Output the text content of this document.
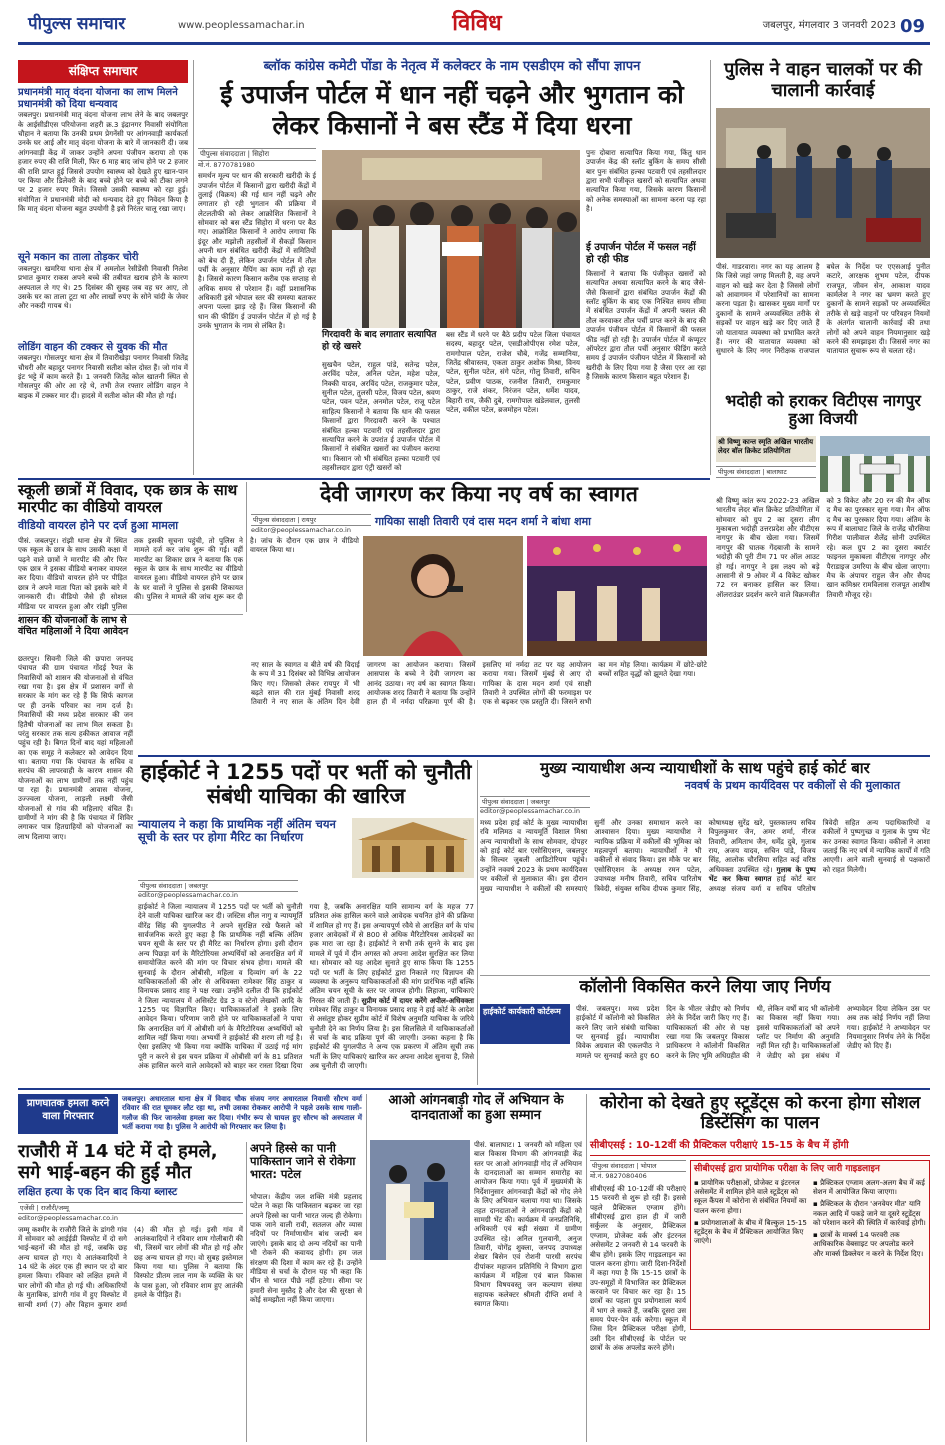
पीपुल्स समाचार	www.peoplessamachar.in	विविध	जबलपुर, मंगलवार 3 जनवरी 2023 09
संक्षिप्त समाचार
प्रधानमंत्री मातृ वंदना योजना का लाभ मिलने प्रधानमंत्री को दिया धन्यवाद
जबलपुर। प्रधानमंत्री मातृ वंदना योजना लाभ लेने के बाद जबलपुर के आईसीडीएस परियोजना शहरी क्र.3 इंद्रानगर निवासी संयोगिता चौहान ने बताया कि उनकी प्रथम प्रेगनेंसी पर आंगनवाड़ी कार्यकर्ता उनके घर आई और मातृ वंदना योजना के बारे में जानकारी दी। जब आंगनवाड़ी केंद्र में जाकर उन्होंने अपना पंजीयन कराया तो एक हजार रुपए की राशि मिली, फिर 6 माह बाद जांच होने पर 2 हजार की राशि प्राप्त हुई जिससे उपयोग स्वास्थ्य को देखते हुए खान-पान पर किया और डिलेवरी के बाद बच्चे होने पर बच्चे को टीका लगने पर 2 हजार रुपए मिले। जिससे उसकी स्वास्थ्य को रहा हुई। संयोगिता ने प्रधानमंत्री मोदी को धन्यवाद देते हुए निवेदन किया है कि मातृ वंदना योजना बहुत उपयोगी है इसे निरंतर चालू रखा जाए।
सूने मकान का ताला तोड़कर चोरी
जबलपुर। खमरिया थाना क्षेत्र में अमलोल रेसीडेंसी निवासी निलेश प्रभात कुमार राकस अपने बच्चे की तबीयत खराब होने के कारण अस्पताल ले गए थे। 25 दिसंबर की सुबह जब वह घर आए, तो उसके घर का ताला टूटा था और लाखों रुपए के सोने चांदी के जेवर और नकदी गायब थे।
लोडिंग वाहन की टक्कर से युवक की मौत
जबलपुर। गोसलपुर थाना क्षेत्र में तिवारीखेड़ा पनागर निवासी जितेंद्र चौधरी और बहादुर पनागर निवासी सतीश कोल दोस्त हैं। जो गांव में इंट भट्टे में काम करते हैं। 1 जनवरी जितेंद्र कोल खातनी स्थित से गोसलपुर की ओर आ रहे थे, तभी तेज रफ्तार लोडिंग वाहन ने बाइक में टक्कर मार दी। हादसे में सतीश कोल की मौत हो गई।
ब्लॉक कांग्रेस कमेटी पोंडा के नेतृत्व में कलेक्टर के नाम एसडीएम को सौंपा ज्ञापन
ई उपार्जन पोर्टल में धान नहीं चढ़ने और भुगतान को लेकर किसानों ने बस स्टैंड में दिया धरना
पीपुल्स संवाददाता | सिहोरा
मो.नं. 8770781980
समर्थन मूल्य पर धान की सरकारी खरीदी के ई उपार्जन पोर्टल में किसानों द्वारा खरीदी केंद्रों में तुलाई (विक्रय) की गई धान नहीं चढ़ने और लगातार हो रही भुगतान की प्रक्रिया में लेटलतीफी को लेकर आक्रोशित किसानों ने सोमवार को बस स्टैंड सिहोरा में धरना पर बैठ गए। आक्रोशित किसानों ने आरोप लगाया कि इंदूर और मझोली तहसीलों में सैकड़ों किसान अपनी धान संबंधित खरीदी केंद्रों में समितियों को बेच दी हैं, लेकिन उपार्जन पोर्टल में तौल पर्ची के अनुसार मैपिंग का काम नहीं हो रहा है। जिससे कारण किसान करीब एक सप्ताह से अधिक समय से परेशान हैं। वहीं प्रशासनिक अधिकारी इसे भोपाल स्तर की समस्या बताकर अपना पल्ला झाड़ रहे हैं। जिस किसानों की धान की फीडिंग ई उपार्जन पोर्टल में हो गई है उनके भुगतान के नाम से लंबित है।
गिरदावरी के बाद लगातार सत्यापित हो रहे खसरे
बस स्टैंड में धरने पर बैठे प्रदीप पटेल जिला पंचायत सदस्य, बहादुर पटेल, एसडीओपीएस रमेश पटेल, रामगोपाल पटेल, राजेश चौबे, गजेंद्र सम्मानिया, जितेंद्र श्रीवास्तव, एकता ठाकुर अशोक मिश्रा, विनय पटेल, सुनील पटेल, संगे पटेल, गोलु तिवारी, सचिन पटेल, प्रवीण पाठक, रजनीश तिवारी, रामकुमार ठाकुर, राजे शंकर, निरंजन पटेल, धर्मेश यादव, बिहारी राय, जैकी दुबे, रामगोपाल खंडेलवाल, तुलसी पटेल, वकील पटेल, ब्रजमोहन पटेल।
पुनः दोबारा सत्यापित किया गया, किंतु धान उपार्जन केंद्र की स्लॉट बुकिंग के समय सीसी बार पुनः संबंधित हल्का पटवारी एवं तहसीलदार द्वारा सभी पंजीकृत खसरों को सत्यापित अथवा सत्यापित किया गया, जिसके कारण किसानों को अनेक समस्याओं का सामना करना पड़ रहा है।
ई उपार्जन पोर्टल में फसल नहीं हो रही फीड
किसानों ने बताया कि पंजीकृत खसरों को सत्यापित अथवा सत्यापित करने के बाद जैसे-जैसे किसानों द्वारा संबंधित उपार्जन केंद्रों की स्लॉट बुकिंग के बाद एक निश्चित समय सीमा में संबंधित उपार्जन केंद्रों में अपनी फसल की तौल करवाकर तौल पर्ची प्राप्त करने के बाद की उपार्जन पंजीयन पोर्टल में किसानों की फसल फीड नहीं हो रही है। उपार्जन पोर्टल में कंप्यूटर ऑपरेटर द्वारा तौल पर्ची अनुसार फीडिंग करते समय ई उपार्जन पंजीयन पोर्टल में किसानों को खरीदी के लिए दिया गया है जैसा एरर आ रहा है जिसके कारण किसान बहुत परेशान हैं।
सुखचैन पटेल, राहुल पांडे, सतेन्द्र पटेल, अरविंद पटेल, अनिल पटेल, महेश पटेल, निक्की यादव, अरविंद पटेल, राजकुमार पटेल, सुनील पटेल, तुलसी पटेल, विजय पटेल, श्रवण पटेल, पवन पटेल, अनमोल पटेल, राजू पटेल साहित्य किसानों ने बताया कि धान की फसल किसानों द्वारा गिरदावरी करने के पश्चात संबंधित हल्का पटवारी एवं तहसीलदार द्वारा सत्यापित करने के उपरांत ई उपार्जन पोर्टल में किसानों ने संबंधित खसरों का पंजीयन कराया था। किसान जो भी संबंधित हल्का पटवारी एवं तहसीलदार द्वारा एंट्री खसरों को
पुलिस ने वाहन चालकों पर की चालानी कार्रवाई
पीसं. गाडरवारा। नगर का यह आलम है कि जिसे जहां जगह मिलती है, वह अपने वाहन को खड़े कर देता है जिससे लोगों को आवागमन में परेशानियों का सामना करना पड़ता है। खासकर मुख्य मार्गों पर दुकानों के सामने अव्यवस्थित तरीके से सड़कों पर वाहन खड़े कर दिए जाते हैं जो यातायात व्यवस्था को प्रभावित करते हैं। नगर की यातायात व्यवस्था को सुधारने के लिए नगर निरीक्षक राजपाल बघेल के निर्देश पर एएसआई पुनीत कटारे, आरक्षक शुभम पटेल, दीपक राजपूत, जीवन सेन, आकाश यादव कार्मलेश ने नगर का भ्रमण करते हुए दुकानों के सामने सड़कों पर अव्यवस्थित तरीके से खड़े वाहनों पर परिवहन नियमों के अंतर्गत चालानी कार्रवाई की तथा लोगों को अपने वाहन नियमानुसार खड़े करने की समझाइश दी। जिससे नगर का यातायात सुचारू रूप से चलता रहे।
भदोही को हराकर विटीएस नागपुर हुआ विजयी
श्री विष्णु कान्त स्मृति अखिल भारतीय लेदर बॉल क्रिकेट प्रतियोगिता
पीपुल्स संवाददाता | बालाघाट
श्री विष्णु कांत रूप 2022-23 अखिल भारतीय लेदर बॉल क्रिकेट प्रतियोगिता में सोमवार को ग्रुप 2 का दूसरा लीग मुकाबला भदोही उत्तरप्रदेश और वीटीएस नागपुर के बीच खेला गया। जिसमें नागपुर की घातक गेंदबाजी के सामने भदोही की पूरी टीम 71 पर ऑल आउट हो गई। नागपुर ने इस लक्ष्य को बड़े आसानी से 9 ओवर में 4 विकेट खोकर 72 रन बनाकर हासिल कर लिया। ऑलराउंडर प्रदर्शन करने वाले विक्रमजीत को 3 विकेट और 20 रन की मैन ऑफ द मैच का पुरस्कार सूना गया। मैन ऑफ द मैच का पुरस्कार दिया गया। अंतिम के रूप में बालाघाट जिले के राजेंद्र चौरसिया गिरीश पालीवाल शैलेंद्र सोनी उपस्थित रहे। कल ग्रुप 2 का दूसरा क्वार्टर फाइनल मुकाबला वीटीएस नागपुर और पैराडाइज उमरिया के बीच खेला जाएगा। मैच के अंपायर राहुल जैन और सैयद खान कमिश्नर रामविलास राजपूत आशीष तिवारी मौजूद रहे।
स्कूली छात्रों में विवाद, एक छात्र के साथ मारपीट का वीडियो वायरल
वीडियो वायरल होने पर दर्ज हुआ मामला
पीसं. जबलपुर। रांझी थाना क्षेत्र में स्थित एक स्कूल के छात्र के साथ उसकी कक्षा में पढ़ने वाले छात्रों ने मारपीट की और फिर एक छात्र ने इसका वीडियो बनाकर वायरल कर दिया। वीडियो वायरल होने पर पीड़ित छात्र ने अपने माता पिता को इसके बारे में जानकारी दी। वीडियो जैसे ही सोशल मीडिया पर वायरल हुआ और रांझी पुलिस तक इसकी सूचना पहुंची, तो पुलिस ने मामले दर्ज कर जांच शुरू की गई। वहीं मारपीट का शिकार छात्र ने बताया कि एक स्कूल के छात्र के साथ मारपीट का वीडियो वायरल हुआ। वीडियो वायरल होने पर छात्र के घर वालों ने पुलिस से इसकी शिकायत की। पुलिस ने मामले की जांच शुरू कर दी है। जांच के दौरान एक छात्र ने वीडियो वायरल किया था।
देवी जागरण कर किया नए वर्ष का स्वागत
पीपुल्स संवाददाता | रायपुर
editor@peoplessamachar.co.in
गायिका साक्षी तिवारी एवं दास मदन शर्मा ने बांधा शमा
नए साल के स्वागत व बीते वर्ष की विदाई के रूप में 31 दिसंबर को विभिन्न आयोजन किए गए। जिसको लेकर रायपुर में भी बढ़ते साल की रात मुंबई निवासी शरद तिवारी ने नए साल के अंतिम दिन देवी जागरण का आयोजन कराया। जिसमें आसपास के बच्चे ने देवी जागरण का आनंद उठाया। नए वर्ष का स्वागत किया। आयोजक शरद तिवारी ने बताया कि उन्होंने हाल ही में नर्मदा परिक्रमा पूर्ण की है। इसलिए मां नर्मदा तट पर यह आयोजन कराया गया। जिसमें मुंबई से आए दो गायिका के दास मदन शर्मा एवं साक्षी तिवारी ने उपस्थित लोगों की फरमाइश पर एक से बढ़कर एक प्रस्तुति दी। जिसने सभी का मन मोह लिया। कार्यक्रम में छोटे-छोटे बच्चों सहित वृद्धों को झूमते देखा गया।
शासन की योजनाओं के लाभ से वंचित महिलाओं ने दिया आवेदन
छतरपुर। सिवनी जिले की छपारा जनपद पंचायत की ग्राम पंचायत गोंदई रैयत के निवासियों को शासन की योजनाओं से वंचित रखा गया है। इस क्षेत्र में प्रशासन वर्गों से सरकार के मांग कर रहे हैं कि सिर्फ कागज पर ही उनके परिवार का नाम दर्ज है। निवासियों की मध्य प्रदेश सरकार की जन हितैषी योजनाओं का लाभ मिल सकता है। परंतु सरकार तक सत्य हकीकत आवाज नहीं पहुंच रही है। बिगत दिनों बाद यहां महिलाओं का एक समूह ने कलेक्टर को आवेदन दिया था। बताया गया कि पंचायत के सचिव व सरपंच की लापरवाही के कारण शासन की योजनाओं का लाभ ग्रामीणों तक नहीं पहुंच पा रहा है। प्रधानमंत्री आवास योजना, उज्ज्वला योजना, लाड़ली लक्ष्मी जैसी योजनाओं से गांव की महिलाएं वंचित हैं। ग्रामीणों ने मांग की है कि पंचायत में शिविर लगाकर पात्र हितग्राहियों को योजनाओं का लाभ दिलाया जाए।
हाईकोर्ट ने 1255 पदों पर भर्ती को चुनौती संबंधी याचिका की खारिज
न्यायालय ने कहा कि प्राथमिक नहीं अंतिम चयन सूची के स्तर पर होगा मैरिट का निर्धारण
पीपुल्स संवाददाता | जबलपुर
editor@peoplessamachar.co.in
हाईकोर्ट ने जिला न्यायालय में 1255 पदों पर भर्ती को चुनौती देने वाली याचिका खारिज कर दी। जस्टिस शील नागु व न्यायमूर्ति वीरेंद्र सिंह की युगलपीठ ने अपने सुरक्षित रखे फैसले को सार्वजनिक करते हुए कहा है कि प्राथमिक नहीं बल्कि अंतिम चयन सूची के स्तर पर ही मैरिट का निर्धारण होगा। इसी दौरान अन्य पिछड़ा वर्ग के मैरिटोरियस अभ्यर्थियों को अनारक्षित वर्ग में समायोजित करने की मांग पर विचार संभव होगा। मामले की सुनवाई के दौरान ओबीसी, महिला व दिव्यांग वर्ग के 22 याचिकाकर्ताओं की ओर से अधिवक्ता रामेश्वर सिंह ठाकुर व विनायक प्रसाद शाह ने पक्ष रखा। उन्होंने दलील दी कि हाईकोर्ट ने जिला न्यायालय में असिस्टेंट ग्रेड 3 व स्टेनो लेखकों आदि के 1255 पद विज्ञापित किए। याचिकाकर्ताओं ने इसके लिए आवेदन किया। परिणाम जारी होने पर याचिकाकर्ताओं ने पाया कि अनारक्षित वर्ग में ओबीसी वर्ग के मैरिटोरियस अभ्यर्थियों को शामिल नहीं किया गया। अभ्यर्थी ने हाईकोर्ट की शरण ली गई है। ऐसा इसलिए भी किया गया क्योंकि याचिका में उठाई गई मांग पूरी न करने से इस चयन प्रक्रिया में ओबीसी वर्ग के 81 प्रतिशत अंक हासिल करने वाले आवेदकों को बाहर कर रास्ता दिखा दिया गया है, जबकि अनारक्षित यानि सामान्य वर्ग के महज 77 प्रतिशत अंक हासिल करने वाले आवेदक चयनित होने की प्रक्रिया में शामिल हो गए हैं। इस अन्यायपूर्ण रवैये से आरक्षित वर्ग के पांच हजार आवेदकों में से 800 से अधिक मैरिटोरियस आवेदकों का हक मारा जा रहा है। हाईकोर्ट ने सभी तर्क सुनने के बाद इस मामले में पूर्व में दीन अगस्त को अपना आदेश सुरक्षित कर लिया था। सोमवार को यह आदेश सुनाते हुए साफ किया कि 1255 पदों पर भर्ती के लिए हाईकोर्ट द्वारा निकाले गए विज्ञापन की व्यवस्था के अनुरूप याचिकाकर्ताओं की मांग प्रारंभिक नहीं बल्कि अंतिम चयन सूची के स्तर पर जायज होगी। लिहाजा, याचिकाएं निरस्त की जाती हैं। सुप्रीम कोर्ट में दायर करेंगे अपील-अधिवक्ता रामेश्वर सिंह ठाकुर व विनायक प्रसाद शाह ने हाई कोर्ट के आदेश से असंतुष्ट होकर सुप्रीम कोर्ट में विशेष अनुमति याचिका के जरिये चुनौती देने का निर्णय लिया है। इस सिलसिले में याचिकाकर्ताओं से चर्चा के बाद प्रक्रिया पूर्ण की जाएगी। उनका कहना है कि हाईकोर्ट की युगलपीठ ने अन्य एक प्रकरण में अंतिम सूची तक भर्ती के लिए याचिकाएं खारिज कर अपना आदेश सुनाया है, जिसे अब चुनौती दी जाएगी।
मुख्य न्यायाधीश अन्य न्यायाधीशों के साथ पहुंचे हाई कोर्ट बार
नववर्ष के प्रथम कार्यदिवस पर वकीलों से की मुलाकात
पीपुल्स संवाददाता | जबलपुर
editor@peoplessamachar.co.in
मध्य प्रदेश हाई कोर्ट के मुख्य न्यायाधीश रवि मलिमठ व न्यायमूर्ति विशाल मिश्रा अन्य न्यायाधीशों के साथ सोमवार, दोपहर को हाई कोर्ट बार एसोसिएशन, जबलपुर के सिल्वर जुबली आडिटोरियम पहुंचे। उन्होंने नववर्ष 2023 के प्रथम कार्यदिवस पर वकीलों से मुलाकात की। इस दौरान मुख्य न्यायाधीश ने वकीलों की समस्याएं सुनीं और उनका समाधान करने का आश्वासन दिया। मुख्य न्यायाधीश ने न्यायिक प्रक्रिया में वकीलों की भूमिका को महत्वपूर्ण बताया। न्यायाधीशों ने भी वकीलों से संवाद किया। इस मौके पर बार एसोसिएशन के अध्यक्ष रमन पटेल, उपाध्यक्ष मनीष तिवारी, सचिव पारितोष त्रिवेदी, संयुक्त सचिव दीपक कुमार सिंह, कोषाध्यक्ष सुरेंद्र खरे, पुस्तकालय सचिव विपुलकुमार जैन, अमर शर्मा, नीरज तिवारी, अमिताभ जैन, धर्मेंद्र दुबे, गुलाब राय, अजय यादव, सचिन पांडे, विजय सिंह, आलोक चौरसिया सहित कई वरिष्ठ अधिवक्ता उपस्थित रहे। गुलाब के पुष्प भेंट कर किया स्वागत हाई कोर्ट बार अध्यक्ष संजय वर्मा व सचिव परितोष त्रिवेदी सहित अन्य पदाधिकारियों व वकीलों ने पुष्पगुच्छ व गुलाब के पुष्प भेंट कर उनका स्वागत किया। वकीलों ने आशा जताई कि नए वर्ष में न्यायिक कार्यों में गति आएगी। आने वाली सुनवाई से पक्षकारों को राहत मिलेगी।
कॉलोनी विकसित करने लिया जाए निर्णय
हाईकोर्ट कार्यकारी कोर्टरूम	पीसं. जबलपुर। मध्य प्रदेश हाईकोर्ट में कॉलोनी को विकसित करने लिए जाने संबंधी याचिका पर सुनवाई हुई। न्यायाधीश विवेक अग्रवाल की एकलपीठ ने मामले पर सुनवाई करते हुए 60 दिन के भीतर जेडीए को निर्णय लेने के निर्देश जारी किए गए हैं। याचिकाकर्ता की ओर से पक्ष रखा गया कि जबलपुर विकास प्राधिकरण ने कॉलोनी विकसित करने के लिए भूमि अधिग्रहीत की थी, लेकिन वर्षों बाद भी कॉलोनी का विकास नहीं किया गया। इससे याचिकाकर्ताओं को अपने प्लॉट पर निर्माण की अनुमति नहीं मिल रही है। याचिकाकर्ताओं ने जेडीए को इस संबंध में अभ्यावेदन दिया लेकिन उस पर अब तक कोई निर्णय नहीं लिया गया। हाईकोर्ट ने अभ्यावेदन पर नियमानुसार निर्णय लेने के निर्देश जेडीए को दिए हैं।
प्राणघातक हमला करने वाला गिरफ्तार
जबलपुर। अधारताल थाना क्षेत्र में विवाद चौक संजय नगर अधारताल निवासी सौरभ वर्मा रविवार की रात घूमकर लौट रहा था, तभी उसका रोककर आरोपी ने पहले उसके साथ गाली-गलौज की फिर जानलेवा हमला कर दिया। गंभीर रूप से घायल हुए सौरभ को अस्पताल में भर्ती कराया गया है। पुलिस ने आरोपी को गिरफ्तार कर लिया है।
राजौरी में 14 घंटे में दो हमले, सगे भाई-बहन की हुई मौत
लक्षित हत्या के एक दिन बाद किया ब्लास्ट
एजेंसी | राजौरी/जम्मू
editor@peoplessamachar.co.in
जम्मू कश्मीर के राजौरी जिले के डांगरी गांव में सोमवार को आईईडी विस्फोट में दो सगे भाई-बहनों की मौत हो गई, जबकि छह अन्य घायल हो गए। ये आतंकवादियों ने 14 घंटे के अंदर एक ही स्थान पर दो बार हमला किया। रविवार को लक्षित हमले में चार लोगों की मौत हो गई थी। अधिकारियों के मुताबिक, डांगरी गांव में हुए विस्फोट में सान्वी शर्मा (7) और विहान कुमार शर्मा (4) की मौत हो गई। इसी गांव में आतंकवादियों ने रविवार शाम गोलीबारी की थी, जिसमें चार लोगों की मौत हो गई और छह अन्य घायल हो गए। वो सुबह इस्तेमाल किया गया था। पुलिस ने बताया कि विस्फोट प्रीतम लाल नाम के व्यक्ति के घर के पास हुआ, जो रविवार शाम हुए आतंकी हमले के पीड़ित हैं।
अपने हिस्से का पानी पाकिस्तान जाने से रोकेगा भारत: पटेल
भोपाल। केंद्रीय जल शक्ति मंत्री प्रहलाद पटेल ने कहा कि पाकिस्तान बढ़कर जा रहा अपने हिस्से का पानी भारत जल्द ही रोकेगा। पाक जाने वाली रावी, सतलज और व्यास नदियों पर निर्माणाधीन बांध जल्दी बन जाएंगे। इसके बाद दो अन्य नदियों का पानी भी रोकने की कवायद होगी। हम जल संरक्षण की दिशा में काम कर रहे हैं। उन्होंने मीडिया से चर्चा के दौरान यह भी कहा कि चीन से भारत पीछे नहीं हटेगा। सीमा पर हमारी सेना मुस्तैद है और देश की सुरक्षा से कोई समझौता नहीं किया जाएगा।
आओ आंगनबाड़ी गोद लें अभियान के दानदाताओं का हुआ सम्मान
पीसं. बालाघाट। 1 जनवरी को महिला एवं बाल विकास विभाग की आंगनवाड़ी केंद्र स्तर पर आओ आंगनवाड़ी गोद लें अभियान के दानदाताओं का सम्मान समारोह का आयोजन किया गया। पूर्व में मुख्यमंत्री के निर्देशानुसार आंगनवाड़ी केंद्रों को गोद लेने के लिए अभियान चलाया गया था। जिसके तहत दानदाताओं ने आंगनवाड़ी केंद्रों को सामग्री भेंट की। कार्यक्रम में जनप्रतिनिधि, अधिकारी एवं बड़ी संख्या में ग्रामीण उपस्थित रहे। अनिल गुलवानी, अनुज तिवारी, योगेंद्र शुक्ला, जनपद उपाध्यक्ष शेखर बिसेन एवं रोशनी पारधी सरपंच दीपांकर महाजन प्रतिनिधि ने विभाग द्वारा कार्यक्रम में महिला एवं बाल विकास विभाग विषयवस्तु जन कल्याण संस्था सहायक कलेक्टर श्रीमती दीप्ति शर्मा ने स्वागत किया।
कोरोना को देखते हुए स्टूडेंट्स को करना होगा सोशल डिस्टेंसिंग का पालन
सीबीएसई : 10-12वीं की प्रैक्टिकल परीक्षाएं 15-15 के बैच में होंगी
सीबीएसई द्वारा प्रायोगिक परीक्षा के लिए जारी गाइडलाइन
▪ प्रायोगिक परीक्षाओं, प्रोजेक्ट व इंटरनल असेसमेंट में शामिल होने वाले स्टूडेंट्स को स्कूल कैंपस में कोरोना से संबंधित नियमों का पालन करना होगा।
▪ प्रयोगशालाओं के बीच में बिल्कुल 15-15 स्टूडेंट्स के बैच में प्रैक्टिकल आयोजित किए जाएंगे।
▪ प्रैक्टिकल एग्जाम अलग-अलग बैच में कई सेशन में आयोजित किया जाएगा।
▪ प्रैक्टिकल के दौरान 'अनवेयर मीत' यानि नकल आदि में पकड़े जाने या दूसरे स्टूडेंट्स को परेशान करने की स्थिति में कार्रवाई होगी।
▪ छात्रों के मार्क्स 14 फरवरी तक आधिकारिक वेबसाइट पर अपलोड करने और मार्क्स डिक्लेयर न करने के निर्देश दिए।
पीपुल्स संवाददाता | भोपाल
मो.नं. 9827080406
सीबीएसई की 10-12वीं की परीक्षाएं 15 फरवरी से शुरू हो रही हैं। इससे पहले प्रैक्टिकल एग्जाम होंगे। सीबीएसई द्वारा हाल ही में जारी सर्कुलर के अनुसार, प्रैक्टिकल एग्जाम, प्रोजेक्ट वर्क और इंटरनल असेसमेंट 2 जनवरी से 14 फरवरी के बीच होंगे। इसके लिए गाइडलाइन का पालन करना होगा। जारी दिशा-निर्देशों में कहा गया है कि 15-15 छात्रों के उप-समूहों में विभाजित कर प्रैक्टिकल करवाने पर विचार कर रहा है। 15 छात्रों का पहला ग्रुप प्रयोगशाला कार्य में भाग ले सकते हैं, जबकि दूसरा उस समय पेपर-पेन वर्क करेगा। स्कूल में जिस दिन प्रैक्टिकल परीक्षा होगी, उसी दिन सीबीएसई के पोर्टल पर छात्रों के अंक अपलोड करने होंगे।
